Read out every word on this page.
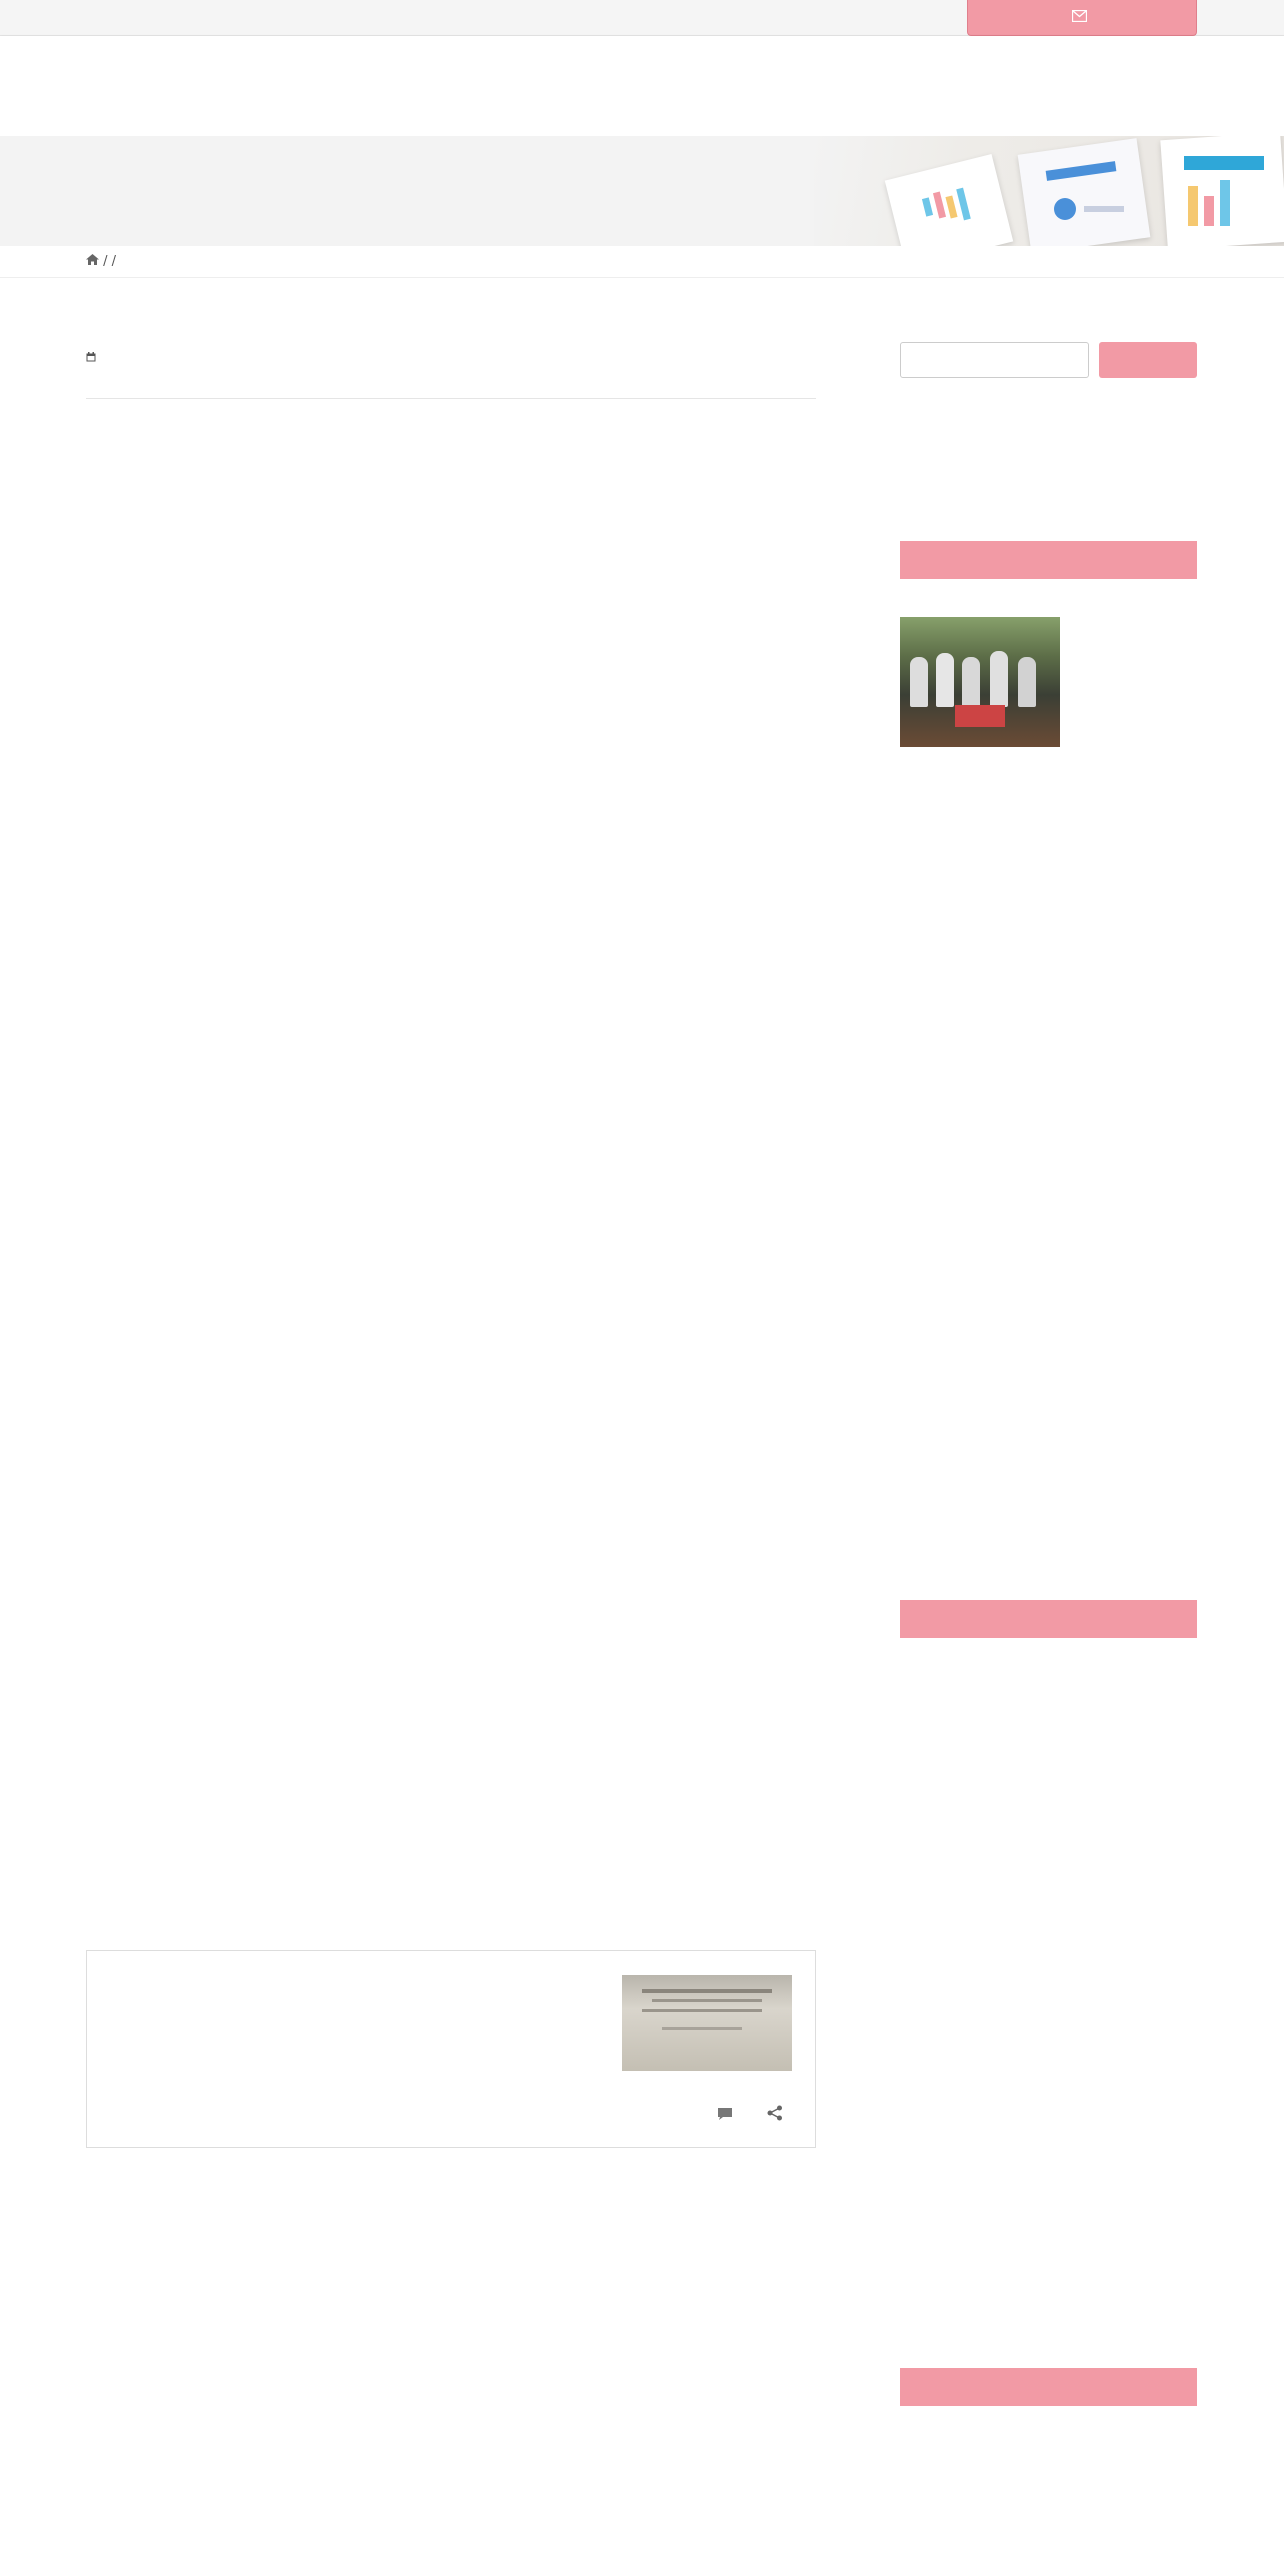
/ /
